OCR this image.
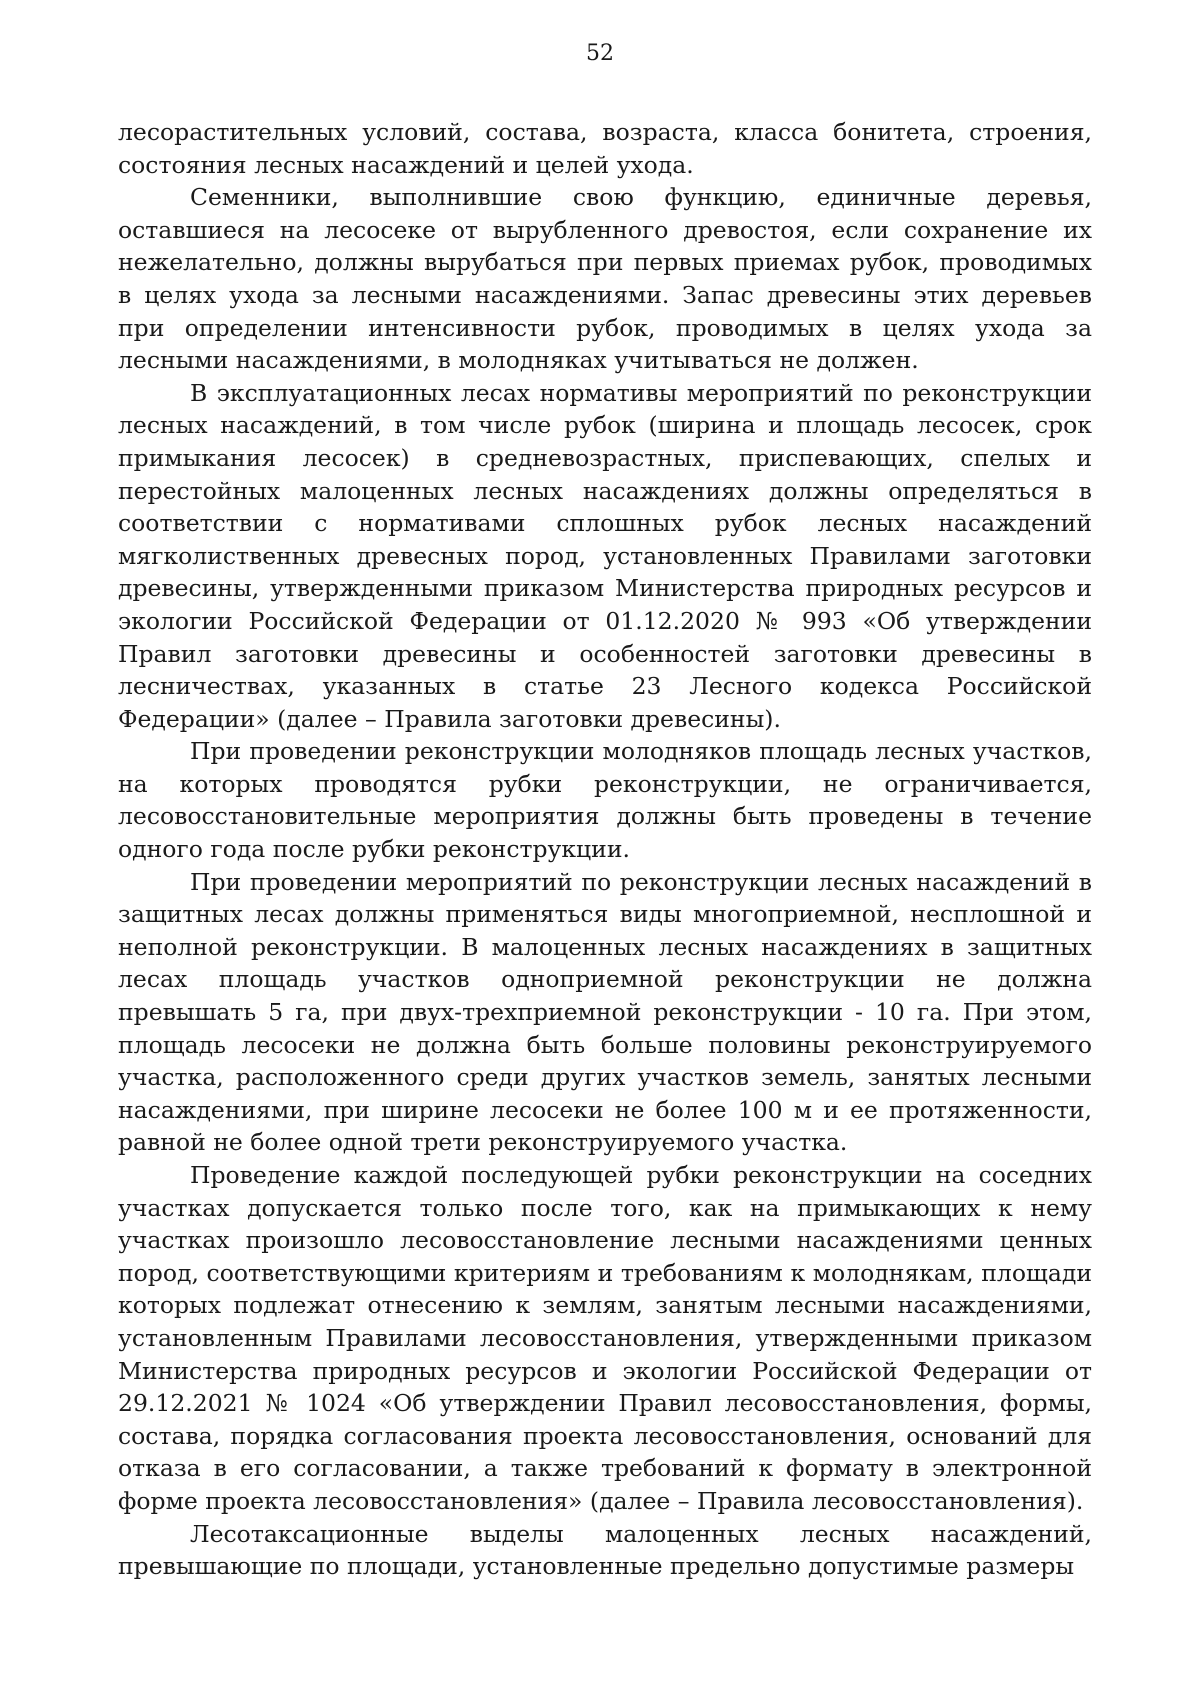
52

лесорастительных условий, состава, возраста, класса бонитета, строения, состояния лесных насаждений и целей ухода.

Семенники, выполнившие свою функцию, единичные деревья, оставшиеся на лесосеке от вырубленного древостоя, если сохранение их нежелательно, должны вырубаться при первых приемах рубок, проводимых в целях ухода за лесными насаждениями. Запас древесины этих деревьев при определении интенсивности рубок, проводимых в целях ухода за лесными насаждениями, в молодняках учитываться не должен.

В эксплуатационных лесах нормативы мероприятий по реконструкции лесных насаждений, в том числе рубок (ширина и площадь лесосек, срок примыкания лесосек) в средневозрастных, приспевающих, спелых и перестойных малоценных лесных насаждениях должны определяться в соответствии с нормативами сплошных рубок лесных насаждений мягколиственных древесных пород, установленных Правилами заготовки древесины, утвержденными приказом Министерства природных ресурсов и экологии Российской Федерации от 01.12.2020 № 993 «Об утверждении Правил заготовки древесины и особенностей заготовки древесины в лесничествах, указанных в статье 23 Лесного кодекса Российской Федерации» (далее – Правила заготовки древесины).

При проведении реконструкции молодняков площадь лесных участков, на которых проводятся рубки реконструкции, не ограничивается, лесовосстановительные мероприятия должны быть проведены в течение одного года после рубки реконструкции.

При проведении мероприятий по реконструкции лесных насаждений в защитных лесах должны применяться виды многоприемной, несплошной и неполной реконструкции. В малоценных лесных насаждениях в защитных лесах площадь участков одноприемной реконструкции не должна превышать 5 га, при двух-трехприемной реконструкции - 10 га. При этом, площадь лесосеки не должна быть больше половины реконструируемого участка, расположенного среди других участков земель, занятых лесными насаждениями, при ширине лесосеки не более 100 м и ее протяженности, равной не более одной трети реконструируемого участка.

Проведение каждой последующей рубки реконструкции на соседних участках допускается только после того, как на примыкающих к нему участках произошло лесовосстановление лесными насаждениями ценных пород, соответствующими критериям и требованиям к молоднякам, площади которых подлежат отнесению к землям, занятым лесными насаждениями, установленным Правилами лесовосстановления, утвержденными приказом Министерства природных ресурсов и экологии Российской Федерации от 29.12.2021 № 1024 «Об утверждении Правил лесовосстановления, формы, состава, порядка согласования проекта лесовосстановления, оснований для отказа в его согласовании, а также требований к формату в электронной форме проекта лесовосстановления» (далее – Правила лесовосстановления).

Лесотаксационные выделы малоценных лесных насаждений, превышающие по площади, установленные предельно допустимые размеры
